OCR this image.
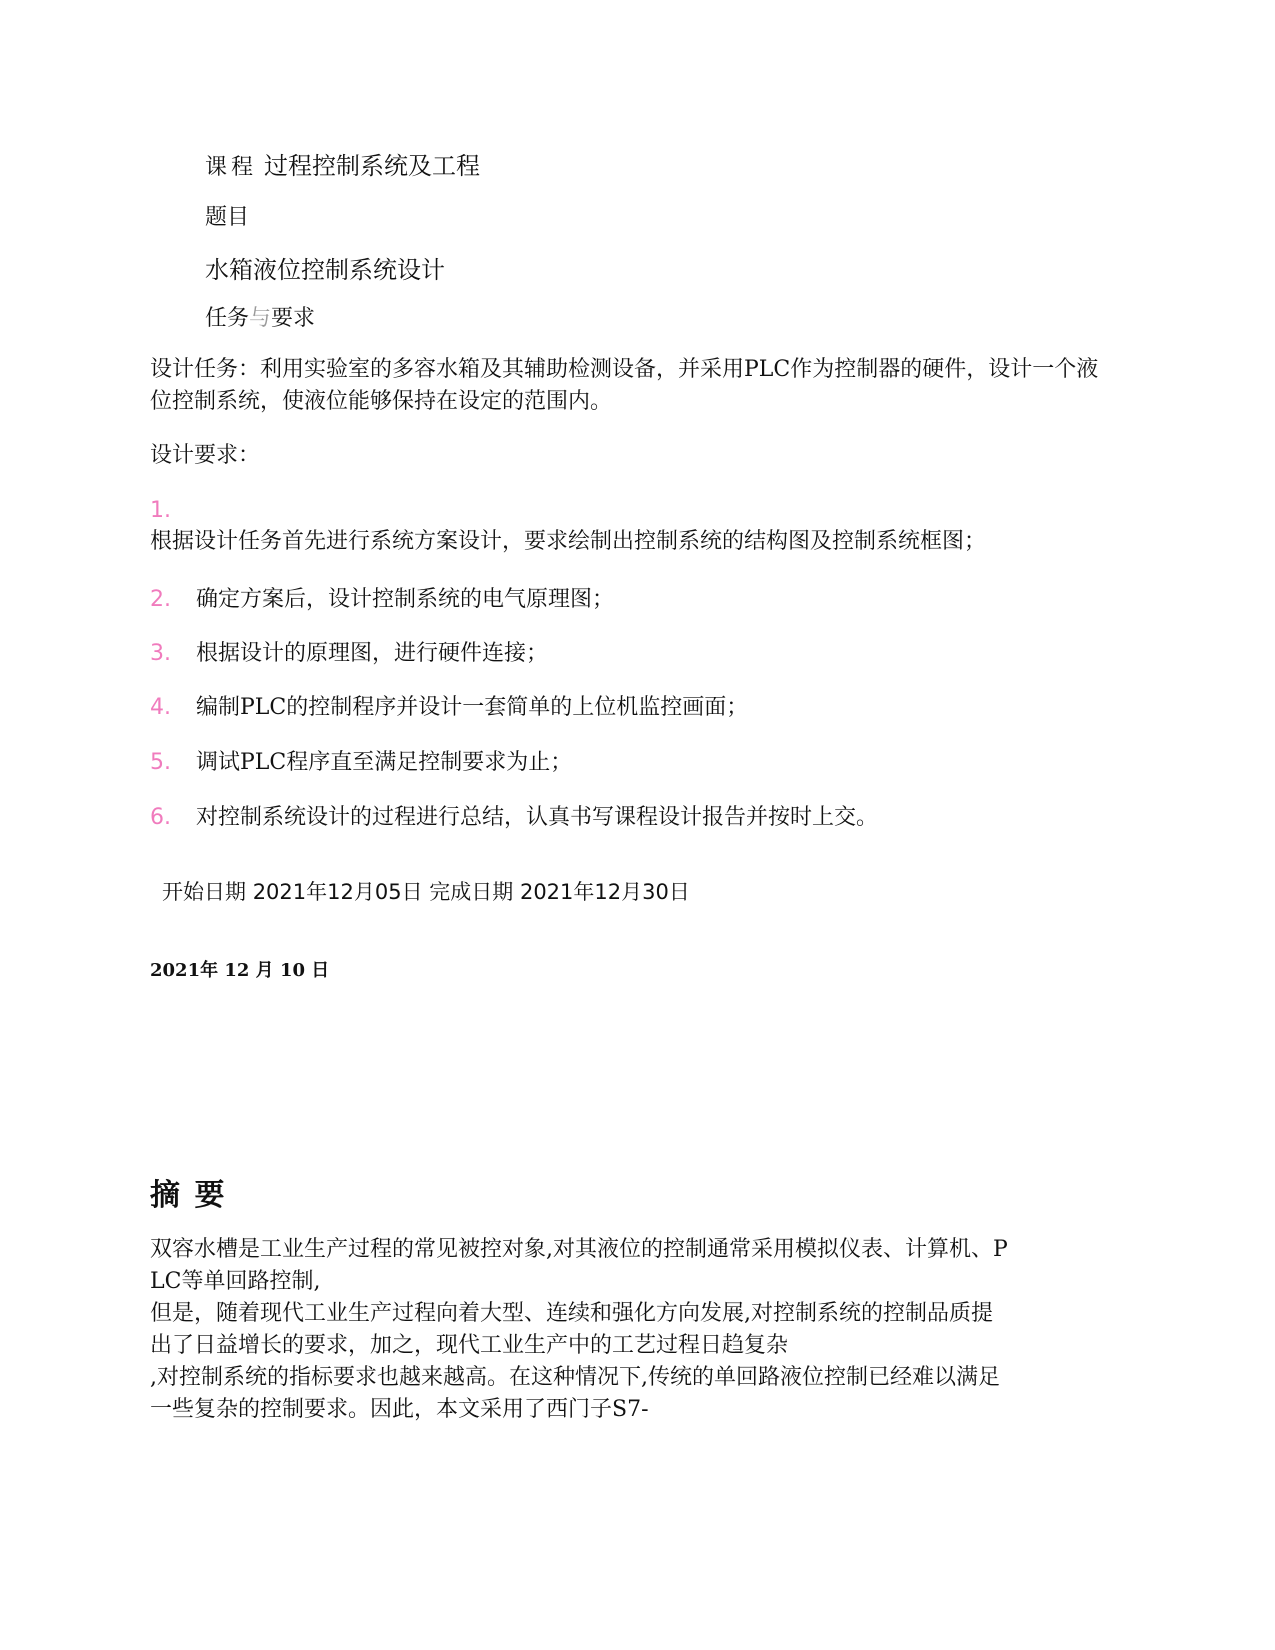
课程 过程控制系统及工程
题目
水箱液位控制系统设计
任务与要求
设计任务：利用实验室的多容水箱及其辅助检测设备，并采用PLC作为控制器的硬件，设计一个液位控制系统，使液位能够保持在设定的范围内。
设计要求：
1.
根据设计任务首先进行系统方案设计，要求绘制出控制系统的结构图及控制系统框图；
2. 确定方案后，设计控制系统的电气原理图；
3. 根据设计的原理图，进行硬件连接；
4. 编制PLC的控制程序并设计一套简单的上位机监控画面；
5. 调试PLC程序直至满足控制要求为止；
6. 对控制系统设计的过程进行总结，认真书写课程设计报告并按时上交。
开始日期 2021年12月05日 完成日期 2021年12月30日
2021年 12 月 10 日
摘 要
双容水槽是工业生产过程的常见被控对象,对其液位的控制通常采用模拟仪表、计算机、P
LC等单回路控制,
但是，随着现代工业生产过程向着大型、连续和强化方向发展,对控制系统的控制品质提
出了日益增长的要求，加之，现代工业生产中的工艺过程日趋复杂
,对控制系统的指标要求也越来越高。在这种情况下,传统的单回路液位控制已经难以满足
一些复杂的控制要求。因此，本文采用了西门子S7-
